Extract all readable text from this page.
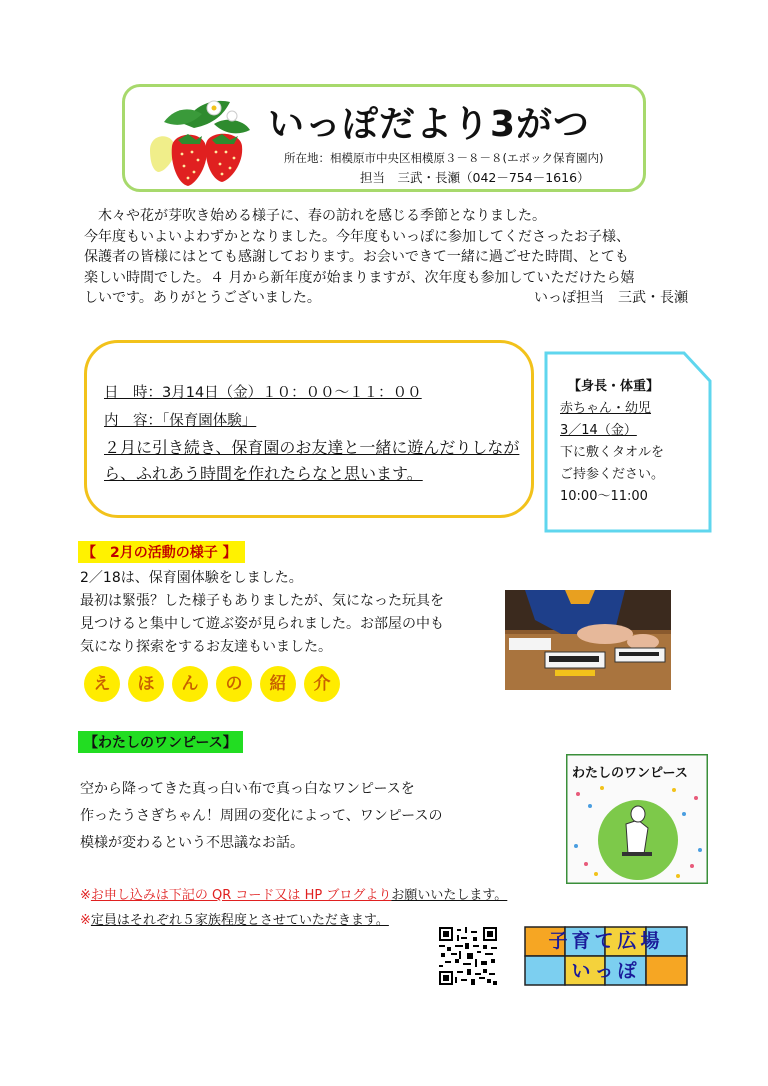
いっぽだより3がつ
所在地：相模原市中央区相模原３－８－８(エボック保育園内)
担当　三武・長瀬（042－754－1616）

　木々や花が芽吹き始める様子に、春の訪れを感じる季節となりました。

今年度もいよいよわずかとなりました。今年度もいっぽに参加してくださったお子様、

保護者の皆様にはとても感謝しております。お会いできて一緒に過ごせた時間、とても

楽しい時間でした。４ 月から新年度が始まりますが、次年度も参加していただけたら嬉

しいです。ありがとうございました。	いっぽ担当　三武・長瀬

日　時：3月14日（金）１０：００～１１：００
内　容：「保育園体験」
２月に引き続き、保育園のお友達と一緒に遊んだりしなが
ら、ふれあう時間を作れたらなと思います。
【身長・体重】
赤ちゃん・幼児
3／14（金）
下に敷くタオルを
ご持参ください。
10:00～11:00
【　2月の活動の様子 】
2／18は、保育園体験をしました。
最初は緊張？した様子もありましたが、気になった玩具を
見つけると集中して遊ぶ姿が見られました。お部屋の中も
気になり探索をするお友達もいました。
え	ほ	ん	の	紹	介
【わたしのワンピース】
空から降ってきた真っ白い布で真っ白なワンピースを
作ったうさぎちゃん！周囲の変化によって、ワンピースの
模様が変わるという不思議なお話。
わたしのワンピース
※お申し込みは下記の QR コード又は HP ブログよりお願いいたします。
※定員はそれぞれ５家族程度とさせていただきます。
子育て広場
いっぽ
